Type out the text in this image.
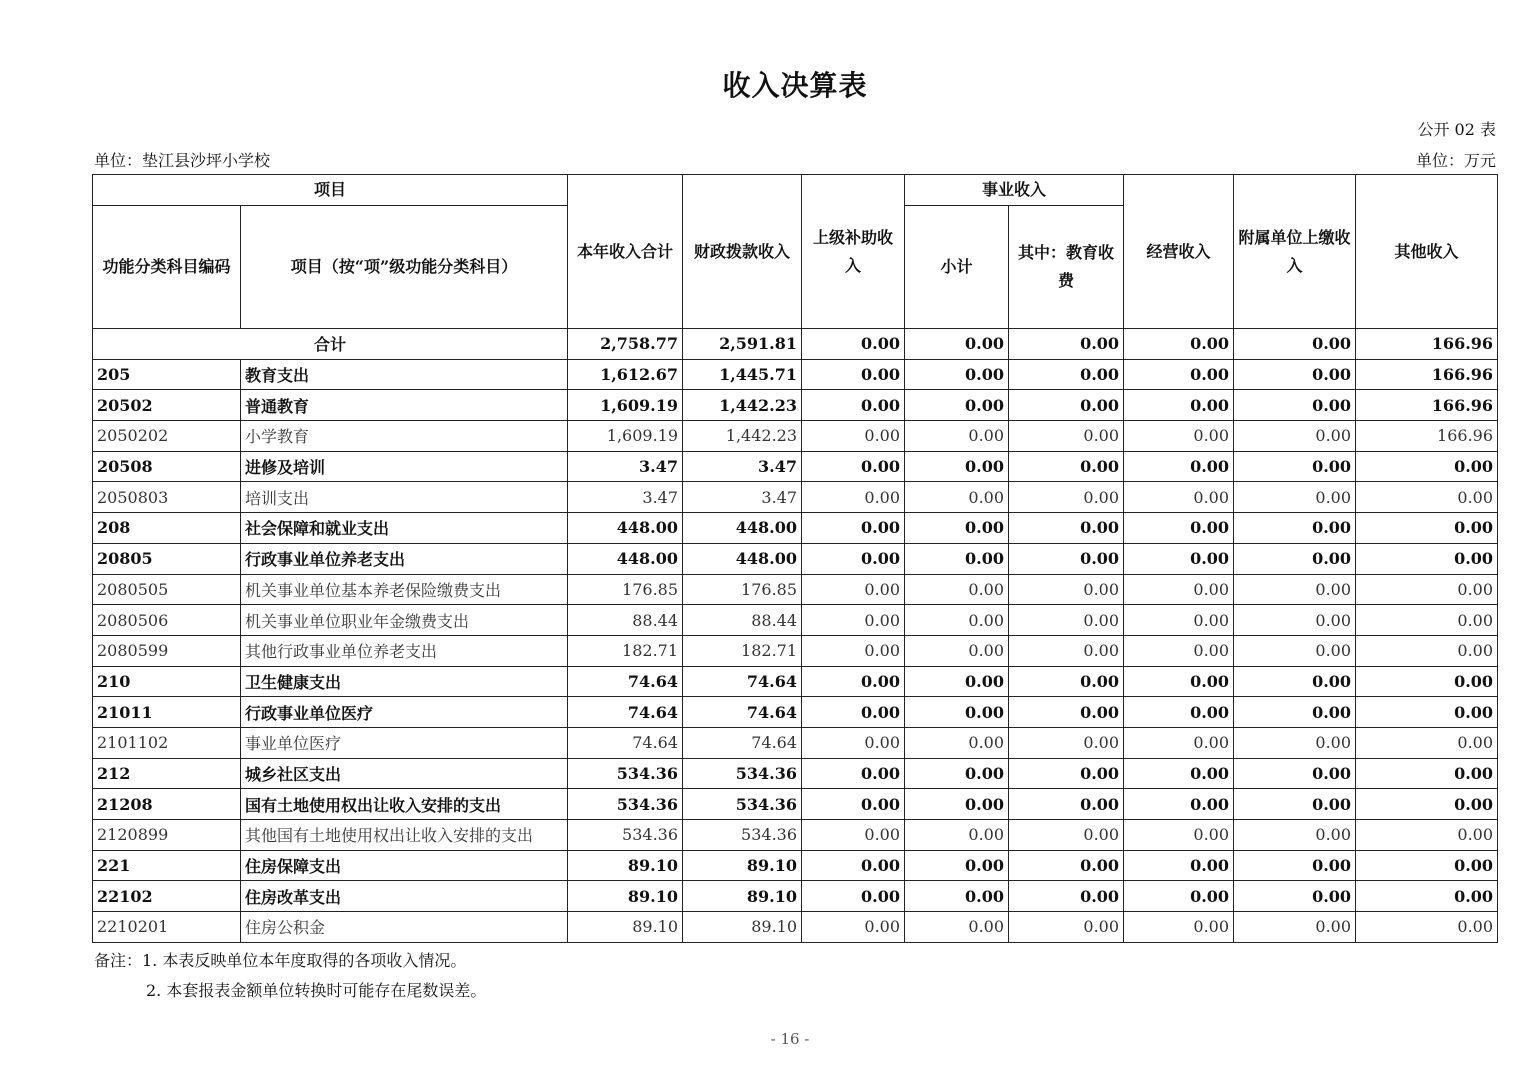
收入决算表
公开 02 表
单位：垫江县沙坪小学校	单位：万元
项目		本年收入合计	财政拨款收入	上级补助收入	事业收入		经营收入	附属单位上缴收入	其他收入
功能分类科目编码	项目（按“项”级功能分类科目）				小计	其中：教育收费			
合计		2,758.77	2,591.81	0.00	0.00	0.00	0.00	0.00	166.96
205	教育支出	1,612.67	1,445.71	0.00	0.00	0.00	0.00	0.00	166.96
20502	普通教育	1,609.19	1,442.23	0.00	0.00	0.00	0.00	0.00	166.96
2050202	小学教育	1,609.19	1,442.23	0.00	0.00	0.00	0.00	0.00	166.96
20508	进修及培训	3.47	3.47	0.00	0.00	0.00	0.00	0.00	0.00
2050803	培训支出	3.47	3.47	0.00	0.00	0.00	0.00	0.00	0.00
208	社会保障和就业支出	448.00	448.00	0.00	0.00	0.00	0.00	0.00	0.00
20805	行政事业单位养老支出	448.00	448.00	0.00	0.00	0.00	0.00	0.00	0.00
2080505	机关事业单位基本养老保险缴费支出	176.85	176.85	0.00	0.00	0.00	0.00	0.00	0.00
2080506	机关事业单位职业年金缴费支出	88.44	88.44	0.00	0.00	0.00	0.00	0.00	0.00
2080599	其他行政事业单位养老支出	182.71	182.71	0.00	0.00	0.00	0.00	0.00	0.00
210	卫生健康支出	74.64	74.64	0.00	0.00	0.00	0.00	0.00	0.00
21011	行政事业单位医疗	74.64	74.64	0.00	0.00	0.00	0.00	0.00	0.00
2101102	事业单位医疗	74.64	74.64	0.00	0.00	0.00	0.00	0.00	0.00
212	城乡社区支出	534.36	534.36	0.00	0.00	0.00	0.00	0.00	0.00
21208	国有土地使用权出让收入安排的支出	534.36	534.36	0.00	0.00	0.00	0.00	0.00	0.00
2120899	其他国有土地使用权出让收入安排的支出	534.36	534.36	0.00	0.00	0.00	0.00	0.00	0.00
221	住房保障支出	89.10	89.10	0.00	0.00	0.00	0.00	0.00	0.00
22102	住房改革支出	89.10	89.10	0.00	0.00	0.00	0.00	0.00	0.00
2210201	住房公积金	89.10	89.10	0.00	0.00	0.00	0.00	0.00	0.00
备注：1. 本表反映单位本年度取得的各项收入情况。
2. 本套报表金额单位转换时可能存在尾数误差。
- 16 -
